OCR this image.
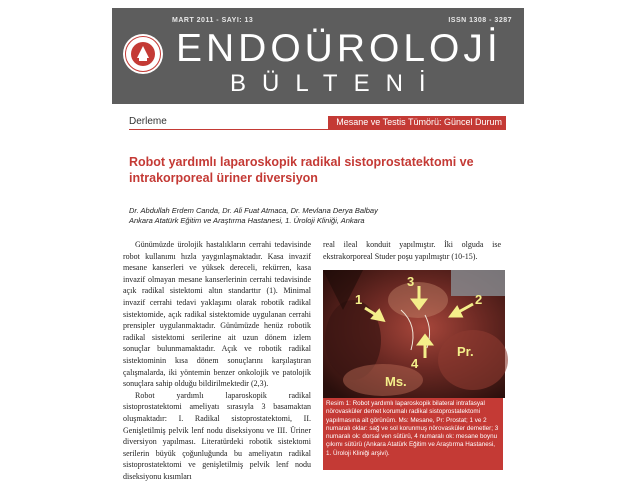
MART 2011 - SAYI: 13	ISSN 1308 - 3287
ENDOÜROLOJİ
BÜLTENİ
Derleme	Mesane ve Testis Tümörü: Güncel Durum
Robot yardımlı laparoskopik radikal sistoprostatektomi ve intrakorporeal üriner diversiyon
Dr. Abdullah Erdem Canda, Dr. Ali Fuat Atmaca, Dr. Mevlana Derya Balbay
Ankara Atatürk Eğitim ve Araştırma Hastanesi, 1. Üroloji Kliniği, Ankara

Günümüzde ürolojik hastalıkların cerrahi tedavisinde robot kullanımı hızla yaygınlaşmaktadır. Kasa invazif mesane kanserleri ve yüksek dereceli, rekürren, kasa invazif olmayan mesane kanserlerinin cerrahi tedavisinde açık radikal sistektomi altın standarttır (1). Minimal invazif cerrahi tedavi yaklaşımı olarak robotik radikal sistektomide, açık radikal sistektomide uygulanan cerrahi prensipler uygulanmaktadır. Günümüzde henüz robotik radikal sistektomi serilerine ait uzun dönem izlem sonuçlar bulunmamaktadır. Açık ve robotik radikal sistektominin kısa dönem sonuçlarını karşılaştıran çalışmalarda, iki yöntemin benzer onkolojik ve patolojik sonuçlara sahip olduğu bildirilmektedir (2,3).

Robot yardımlı laparoskopik radikal sistoprostatektomi ameliyatı sırasıyla 3 basamaktan oluşmaktadır: I. Radikal sistoprostatektomi, II. Genişletilmiş pelvik lenf nodu diseksiyonu ve III. Üriner diversiyon yapılması. Literatürdeki robotik sistektomi serilerin büyük çoğunluğunda bu ameliyatın radikal sistoprostatektomi ve genişletilmiş pelvik lenf nodu diseksiyonu kısımları

real ileal konduit yapılmıştır. İki olguda ise ekstrakorporeal Studer poşu yapılmıştır (10-15).

1
3
2
4
Pr.
Ms.
Resim 1: Robot yardımlı laparoskopik bilateral intrafasyal nörovasküler demet korumalı radikal sistoprostatektomi yapılmasına ait görünüm. Ms: Mesane, Pr: Prostat; 1 ve 2 numaralı oklar: sağ ve sol korunmuş nörovasküler demetler; 3 numaralı ok: dorsal ven sütürü, 4 numaralı ok: mesane boynu çıkımı sütürü (Ankara Atatürk Eğitim ve Araştırma Hastanesi, 1. Üroloji Kliniği arşivi).
